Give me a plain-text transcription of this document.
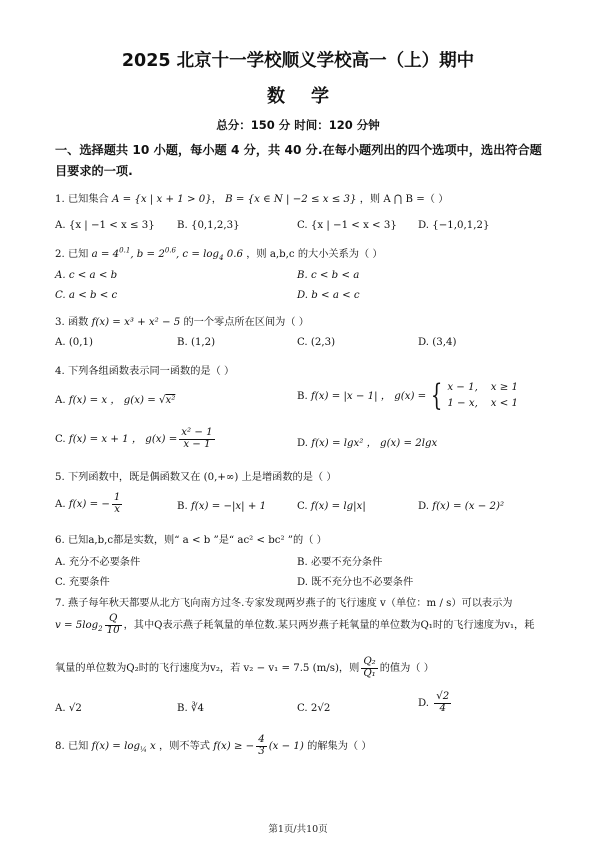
2025 北京十一学校顺义学校高一（上）期中
数学
总分：150 分 时间：120 分钟
一、选择题共 10 小题，每小题 4 分，共 40 分.在每小题列出的四个选项中，选出符合题目要求的一项.
1. 已知集合 A = {x | x + 1 > 0}， B = {x ∈ N | −2 ≤ x ≤ 3} ，则 A ⋂ B =（ ）
A. {x | −1 < x ≤ 3} B. {0,1,2,3}	C. {x | −1 < x < 3} D. {−1,0,1,2}
2. 已知 $a = 4^{0.1}$, $b = 2^{0.6}$, $c = \log_4 0.6$ ，则 a,b,c 的大小关系为（ ）
A. c < a < b	B. c < b < a
C. a < b < c	D. b < a < c
3. 函数 f(x) = x³ + x² − 5 的一个零点所在区间为（ ）
A. (0,1)	B. (1,2)	C. (2,3)	D. (3,4)
4. 下列各组函数表示同一函数的是（ ）
A. f(x) = x ， g(x) = √x²	B. f(x) = |x − 1| ， g(x) = { x − 1,    x ≥ 1
1 − x,    x < 1
C. f(x) = x + 1 ， $g(x) = \frac{\text{x² − 1}}{x - 1}$	D. f(x) = lgx² ， g(x) = 2lgx
5. 下列函数中，既是偶函数又在 (0,+∞) 上是增函数的是（ ）
A. f(x) = − $\frac{1}{x}$	B. f(x) = −|x| + 1	C. f(x) = lg|x|	D. f(x) = (x − 2)²
6. 已知a,b,c都是实数，则“ a < b ”是“ ac² < bc² ”的（ ）
A. 充分不必要条件	B. 必要不充分条件
C. 充要条件	D. 既不充分也不必要条件
7. 燕子每年秋天都要从北方飞向南方过冬.专家发现两岁燕子的飞行速度 v（单位：m / s）可以表示为
$v = 5\log_2 \frac{Q}{10}$ ，其中Q表示燕子耗氧量的单位数.某只两岁燕子耗氧量的单位数为Q₁时的飞行速度为v₁，耗
氧量的单位数为Q₂时的飞行速度为v₂，若 v₂ − v₁ = 7.5 (m/s)，则 $\frac{\text{Q₂}}{\text{Q₁}}$ 的值为（ ）
A. √2	B. ∛4	C. 2√2	D. $\frac{√2}{4}$
8. 已知 $f(x) = \log_{\frac{1}{4}} x$ ，则不等式 f(x) ≥ − $\frac{4}{3} (x - 1)$ 的解集为（ ）
第1页/共10页
